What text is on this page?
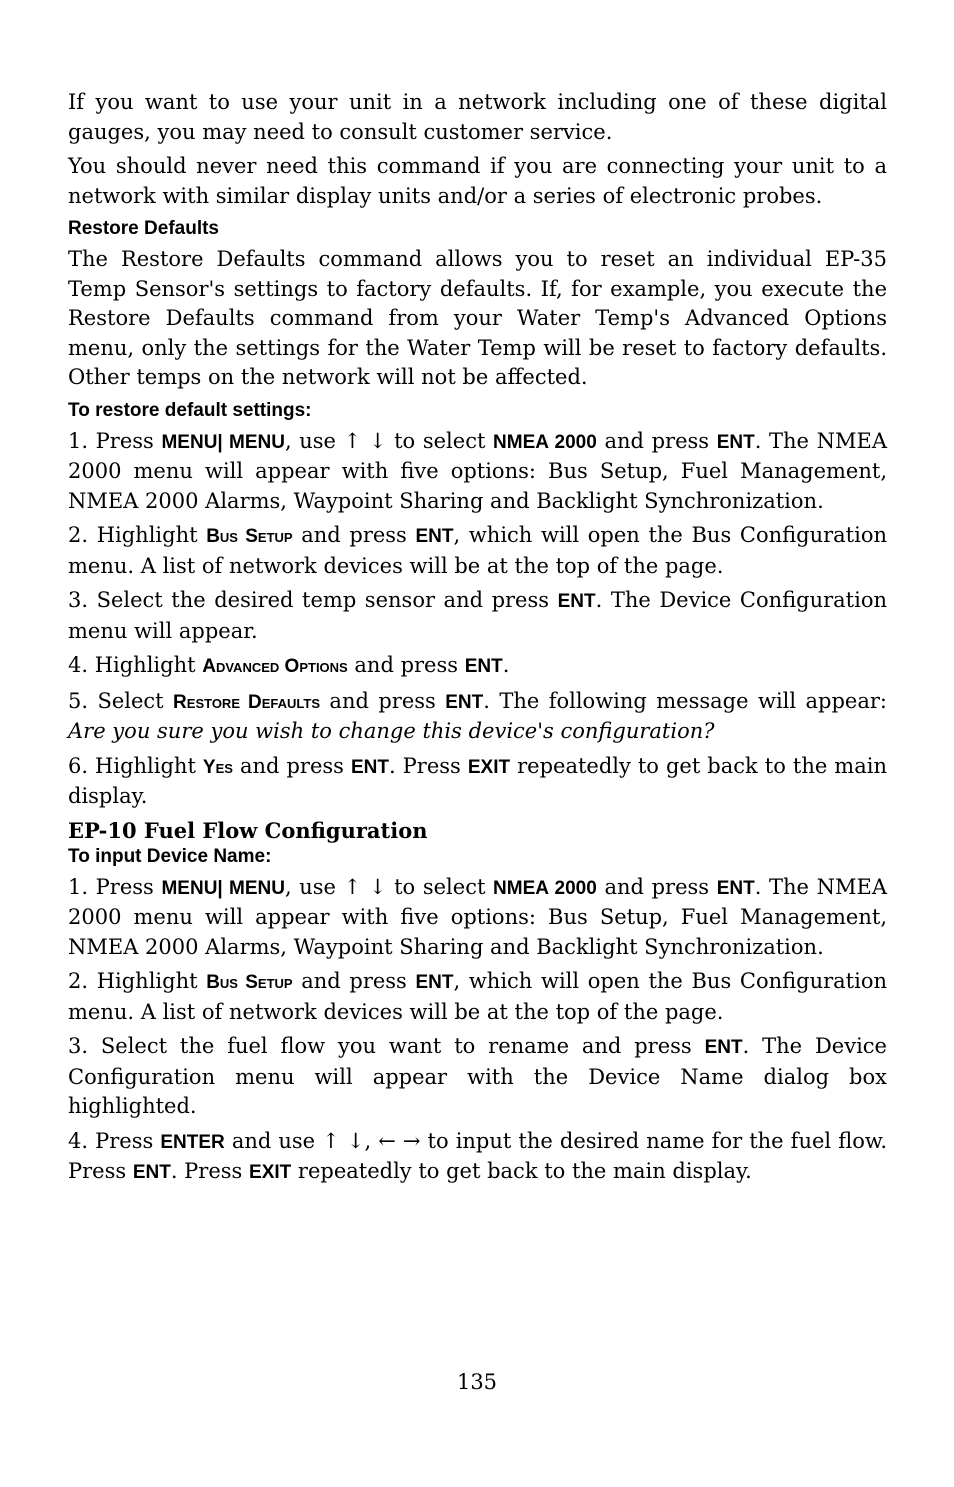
If you want to use your unit in a network including one of these digital gauges, you may need to consult customer service.

You should never need this command if you are connecting your unit to a network with similar display units and/or a series of electronic probes.

Restore Defaults

The Restore Defaults command allows you to reset an individual EP-35 Temp Sensor's settings to factory defaults. If, for example, you execute the Restore Defaults command from your Water Temp's Advanced Options menu, only the settings for the Water Temp will be reset to factory defaults. Other temps on the network will not be affected.

To restore default settings:

1. Press MENU| MENU, use ↑ ↓ to select NMEA 2000 and press ENT. The NMEA 2000 menu will appear with five options: Bus Setup, Fuel Management, NMEA 2000 Alarms, Waypoint Sharing and Backlight Synchronization.

2. Highlight Bus Setup and press ENT, which will open the Bus Configuration menu. A list of network devices will be at the top of the page.

3. Select the desired temp sensor and press ENT. The Device Configuration menu will appear.

4. Highlight Advanced Options and press ENT.

5. Select Restore Defaults and press ENT. The following message will appear: Are you sure you wish to change this device's configuration?

6. Highlight Yes and press ENT. Press EXIT repeatedly to get back to the main display.

EP-10 Fuel Flow Configuration
To input Device Name:

1. Press MENU| MENU, use ↑ ↓ to select NMEA 2000 and press ENT. The NMEA 2000 menu will appear with five options: Bus Setup, Fuel Management, NMEA 2000 Alarms, Waypoint Sharing and Backlight Synchronization.

2. Highlight Bus Setup and press ENT, which will open the Bus Configuration menu. A list of network devices will be at the top of the page.

3. Select the fuel flow you want to rename and press ENT. The Device Configuration menu will appear with the Device Name dialog box highlighted.

4. Press ENTER and use ↑ ↓, ← → to input the desired name for the fuel flow. Press ENT. Press EXIT repeatedly to get back to the main display.

135
